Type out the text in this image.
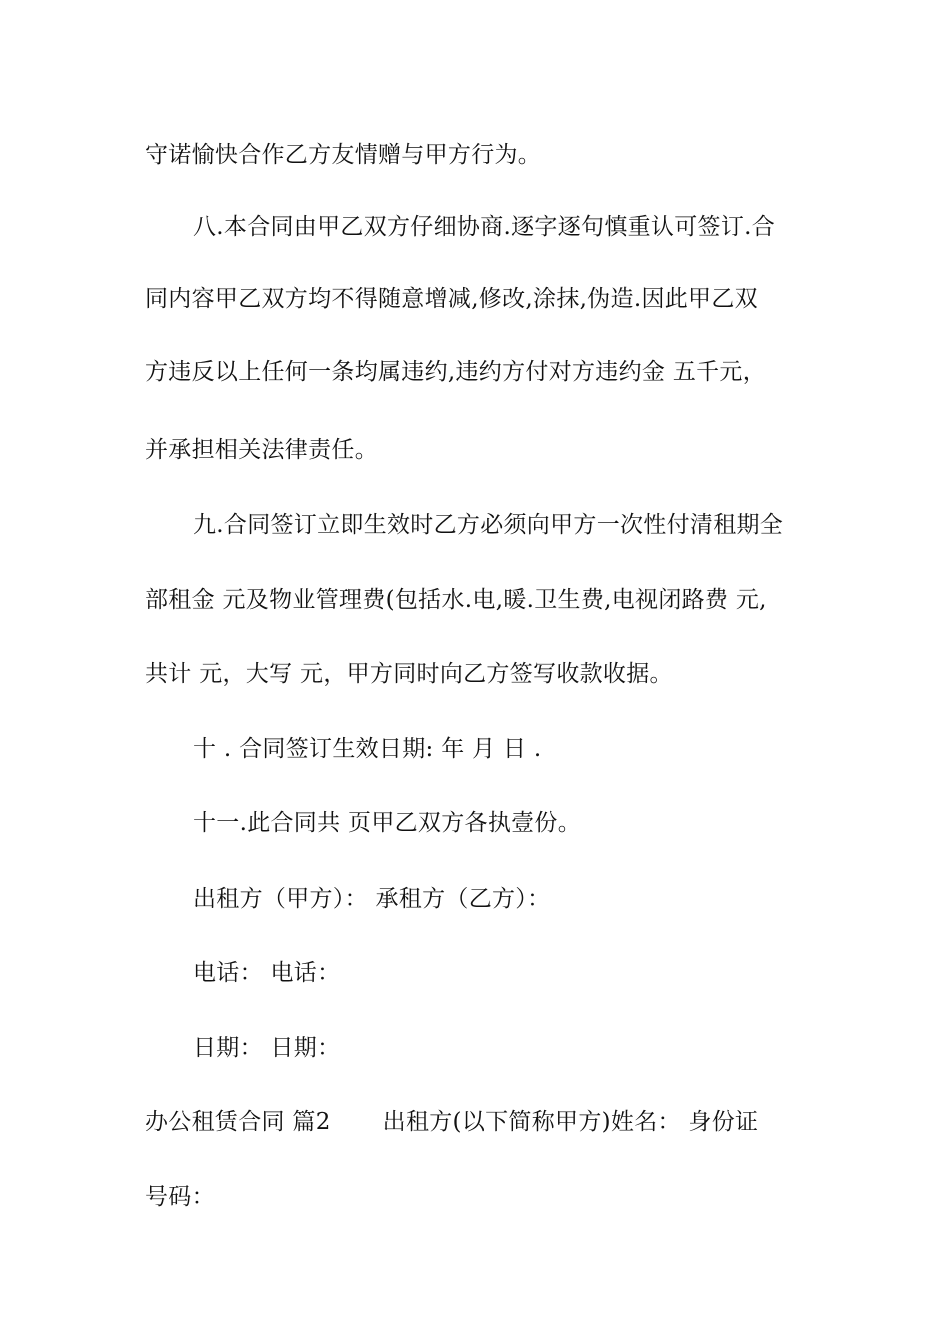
守诺愉快合作乙方友情赠与甲方行为。
八.本合同由甲乙双方仔细协商.逐字逐句慎重认可签订.合
同内容甲乙双方均不得随意增减,修改,涂抹,伪造.因此甲乙双
方违反以上任何一条均属违约,违约方付对方违约金 五千元，
并承担相关法律责任。
九.合同签订立即生效时乙方必须向甲方一次性付清租期全
部租金 元及物业管理费(包括水.电,暖.卫生费,电视闭路费 元,
共计 元，大写 元，甲方同时向乙方签写收款收据。
十 . 合同签订生效日期: 年 月 日 .
十一.此合同共 页甲乙双方各执壹份。
出租方（甲方）： 承租方（乙方）：
电话： 电话：
日期： 日期：
办公租赁合同 篇2 出租方(以下简称甲方)姓名： 身份证
号码：
